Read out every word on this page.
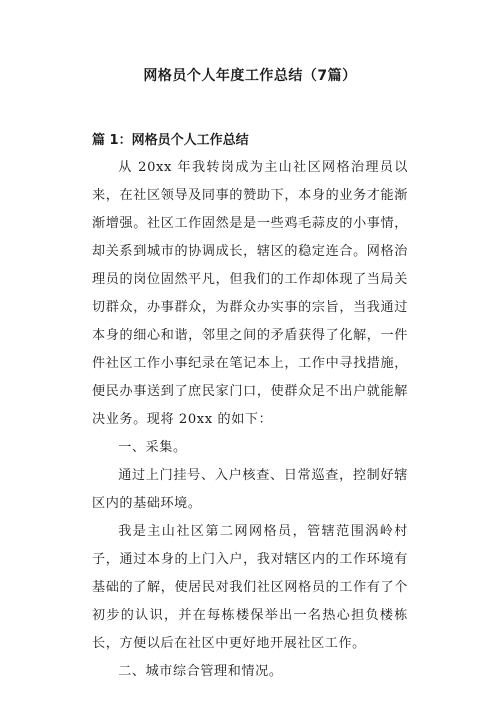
网格员个人年度工作总结（7篇）
篇 1：网格员个人工作总结

从 20xx 年我转岗成为主山社区网格治理员以来，在社区领导及同事的赞助下，本身的业务才能渐渐增强。社区工作固然是是一些鸡毛蒜皮的小事情，却关系到城市的协调成长，辖区的稳定连合。网格治理员的岗位固然平凡，但我们的工作却体现了当局关切群众，办事群众，为群众办实事的宗旨，当我通过本身的细心和谐，邻里之间的矛盾获得了化解，一件件社区工作小事纪录在笔记本上，工作中寻找措施，便民办事送到了庶民家门口，使群众足不出户就能解决业务。现将 20xx 的如下：

一、采集。

通过上门挂号、入户核查、日常巡查，控制好辖区内的基础环境。

我是主山社区第二网网格员，管辖范围涡岭村子，通过本身的上门入户，我对辖区内的工作环境有基础的了解，使居民对我们社区网格员的工作有了个初步的认识，并在每栋楼保举出一名热心担负楼栋长，方便以后在社区中更好地开展社区工作。

二、城市综合管理和情况。
